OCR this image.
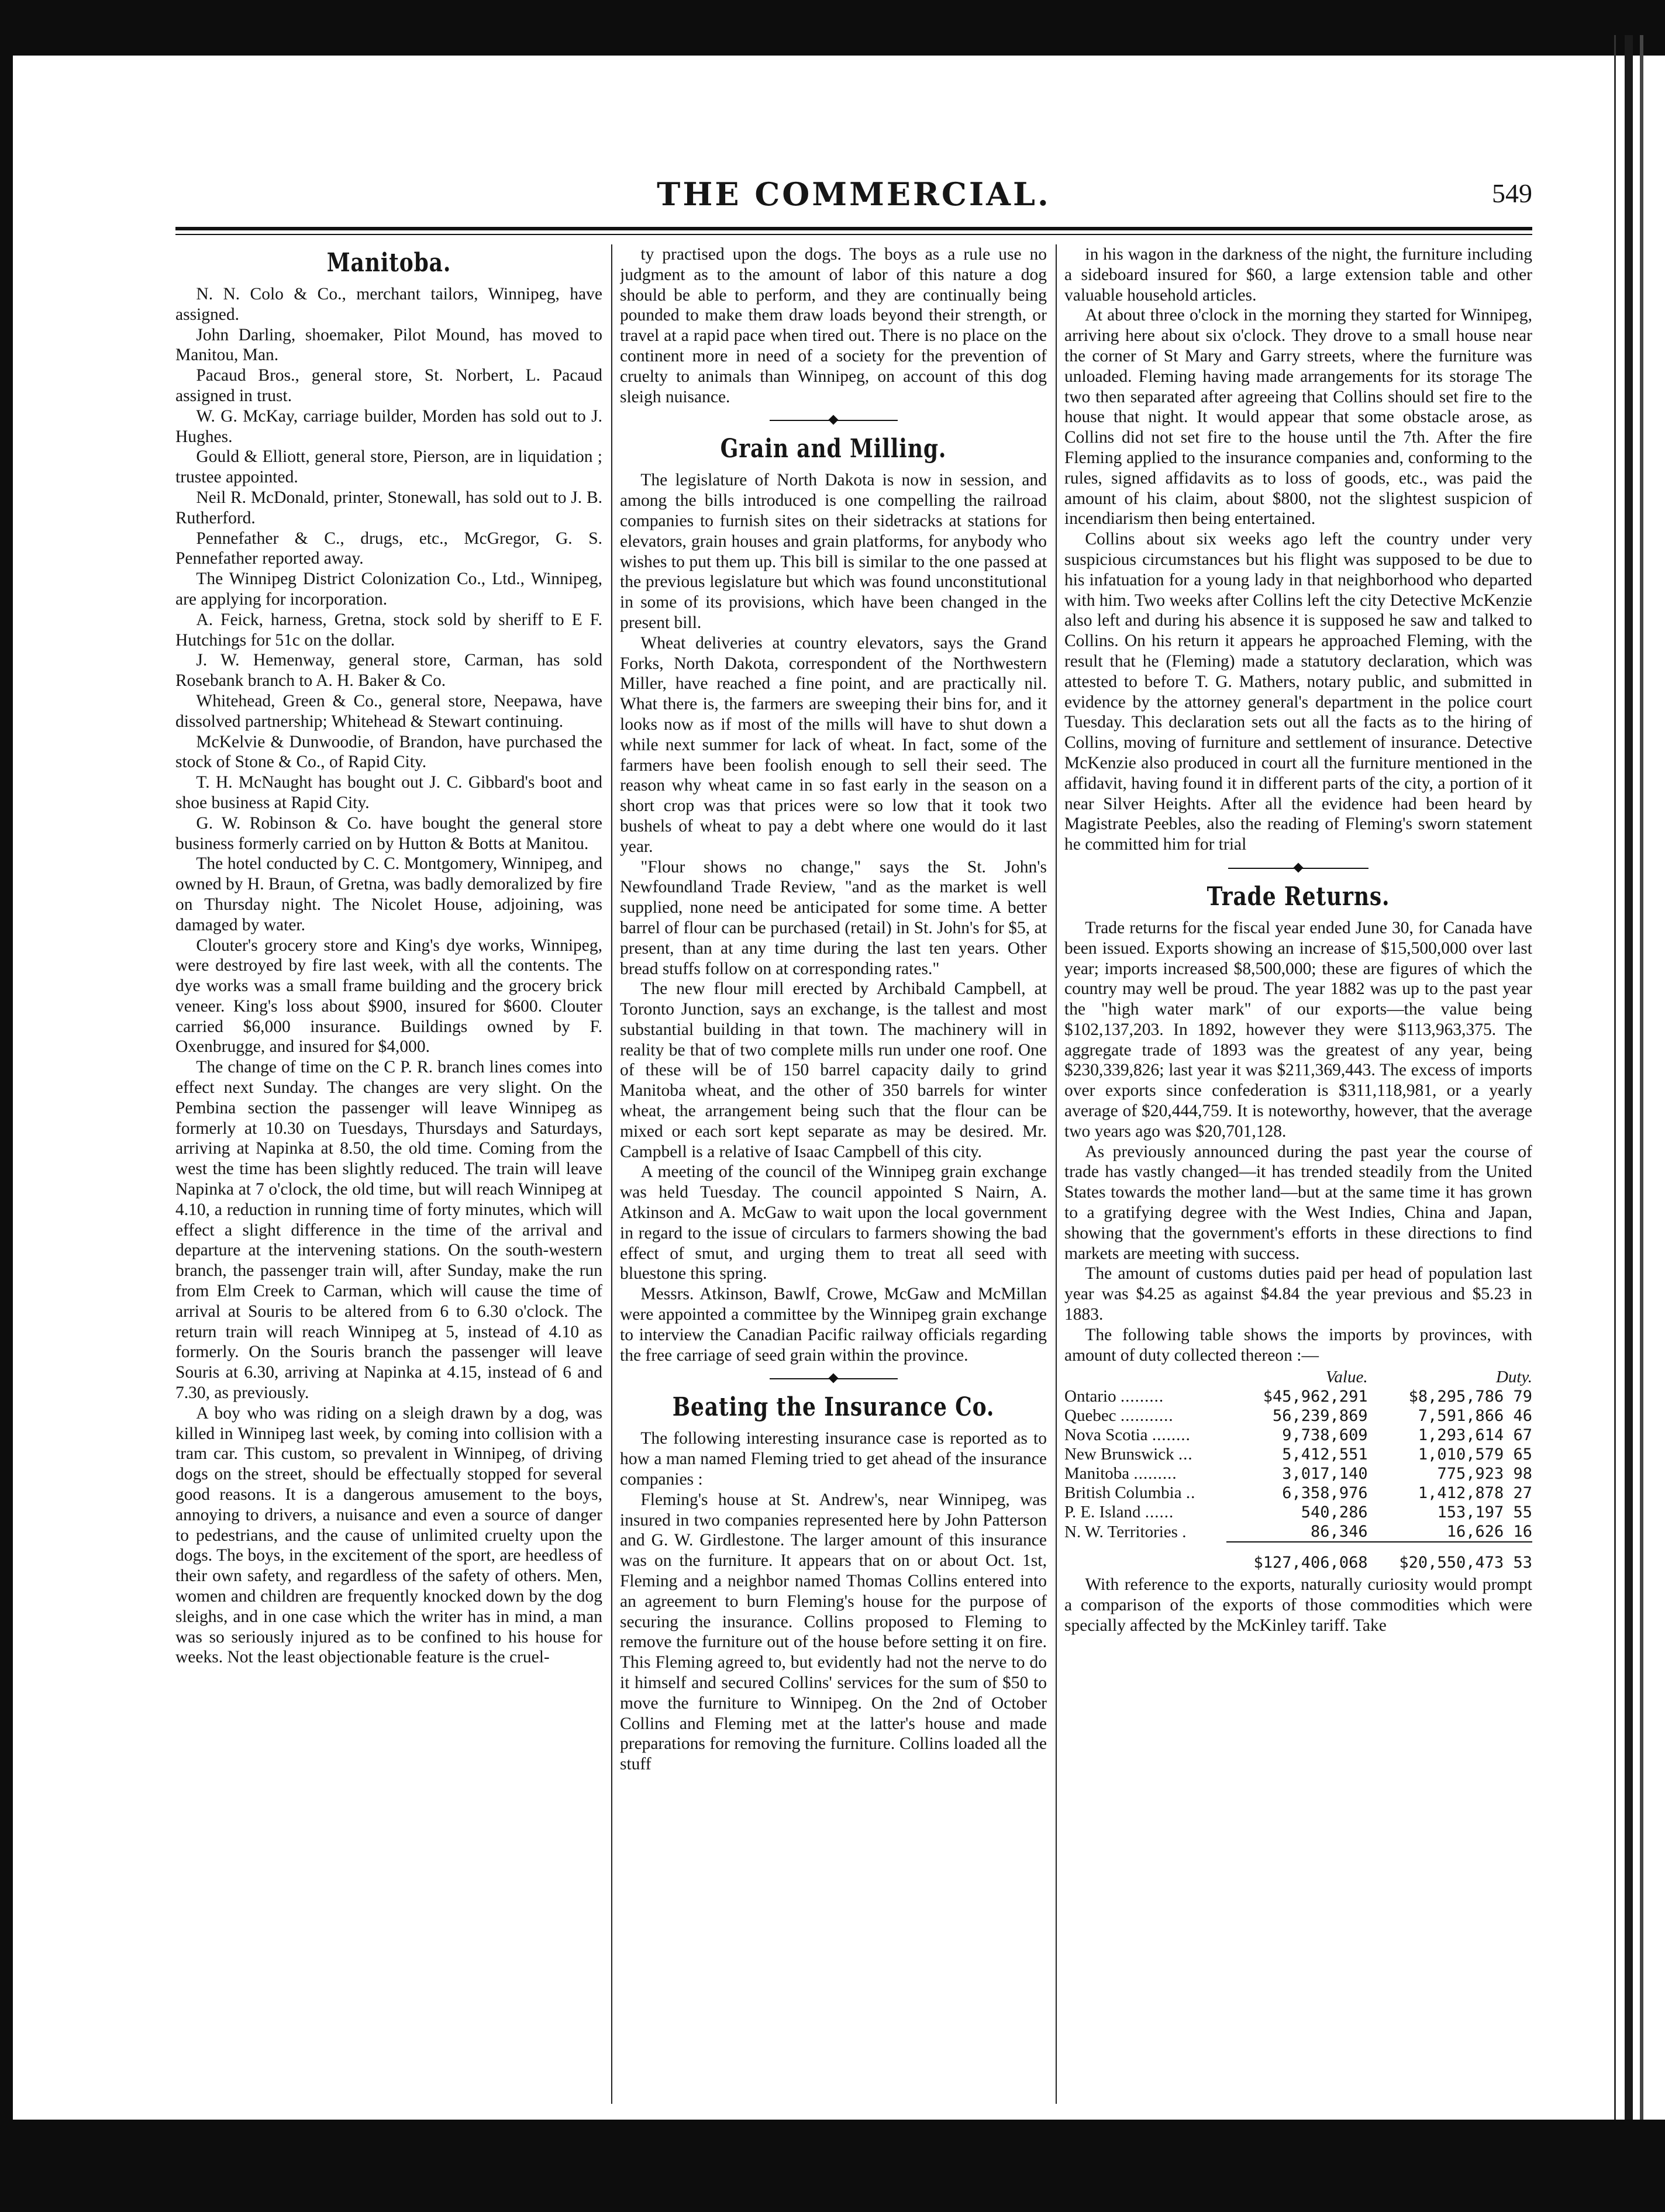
THE COMMERCIAL.	549
Manitoba.

N. N. Colo & Co., merchant tailors, Winnipeg, have assigned.

John Darling, shoemaker, Pilot Mound, has moved to Manitou, Man.

Pacaud Bros., general store, St. Norbert, L. Pacaud assigned in trust.

W. G. McKay, carriage builder, Morden has sold out to J. Hughes.

Gould & Elliott, general store, Pierson, are in liquidation ; trustee appointed.

Neil R. McDonald, printer, Stonewall, has sold out to J. B. Rutherford.

Pennefather & C., drugs, etc., McGregor, G. S. Pennefather reported away.

The Winnipeg District Colonization Co., Ltd., Winnipeg, are applying for incorporation.

A. Feick, harness, Gretna, stock sold by sheriff to E F. Hutchings for 51c on the dollar.

J. W. Hemenway, general store, Carman, has sold Rosebank branch to A. H. Baker & Co.

Whitehead, Green & Co., general store, Neepawa, have dissolved partnership; Whitehead & Stewart continuing.

McKelvie & Dunwoodie, of Brandon, have purchased the stock of Stone & Co., of Rapid City.

T. H. McNaught has bought out J. C. Gibbard's boot and shoe business at Rapid City.

G. W. Robinson & Co. have bought the general store business formerly carried on by Hutton & Botts at Manitou.

The hotel conducted by C. C. Montgomery, Winnipeg, and owned by H. Braun, of Gretna, was badly demoralized by fire on Thursday night. The Nicolet House, adjoining, was damaged by water.

Clouter's grocery store and King's dye works, Winnipeg, were destroyed by fire last week, with all the contents. The dye works was a small frame building and the grocery brick veneer. King's loss about $900, insured for $600. Clouter carried $6,000 insurance. Buildings owned by F. Oxenbrugge, and insured for $4,000.

The change of time on the C P. R. branch lines comes into effect next Sunday. The changes are very slight. On the Pembina section the passenger will leave Winnipeg as formerly at 10.30 on Tuesdays, Thursdays and Saturdays, arriving at Napinka at 8.50, the old time. Coming from the west the time has been slightly reduced. The train will leave Napinka at 7 o'clock, the old time, but will reach Winnipeg at 4.10, a reduction in running time of forty minutes, which will effect a slight difference in the time of the arrival and departure at the intervening stations. On the south-western branch, the passenger train will, after Sunday, make the run from Elm Creek to Carman, which will cause the time of arrival at Souris to be altered from 6 to 6.30 o'clock. The return train will reach Winnipeg at 5, instead of 4.10 as formerly. On the Souris branch the passenger will leave Souris at 6.30, arriving at Napinka at 4.15, instead of 6 and 7.30, as previously.

A boy who was riding on a sleigh drawn by a dog, was killed in Winnipeg last week, by coming into collision with a tram car. This custom, so prevalent in Winnipeg, of driving dogs on the street, should be effectually stopped for several good reasons. It is a dangerous amusement to the boys, annoying to drivers, a nuisance and even a source of danger to pedestrians, and the cause of unlimited cruelty upon the dogs. The boys, in the excitement of the sport, are heedless of their own safety, and regardless of the safety of others. Men, women and children are frequently knocked down by the dog sleighs, and in one case which the writer has in mind, a man was so seriously injured as to be confined to his house for weeks. Not the least objectionable feature is the cruel-

ty practised upon the dogs. The boys as a rule use no judgment as to the amount of labor of this nature a dog should be able to perform, and they are continually being pounded to make them draw loads beyond their strength, or travel at a rapid pace when tired out. There is no place on the continent more in need of a society for the prevention of cruelty to animals than Winnipeg, on account of this dog sleigh nuisance.

Grain and Milling.

The legislature of North Dakota is now in session, and among the bills introduced is one compelling the railroad companies to furnish sites on their sidetracks at stations for elevators, grain houses and grain platforms, for anybody who wishes to put them up. This bill is similar to the one passed at the previous legislature but which was found unconstitutional in some of its provisions, which have been changed in the present bill.

Wheat deliveries at country elevators, says the Grand Forks, North Dakota, correspondent of the Northwestern Miller, have reached a fine point, and are practically nil. What there is, the farmers are sweeping their bins for, and it looks now as if most of the mills will have to shut down a while next summer for lack of wheat. In fact, some of the farmers have been foolish enough to sell their seed. The reason why wheat came in so fast early in the season on a short crop was that prices were so low that it took two bushels of wheat to pay a debt where one would do it last year.

"Flour shows no change," says the St. John's Newfoundland Trade Review, "and as the market is well supplied, none need be anticipated for some time. A better barrel of flour can be purchased (retail) in St. John's for $5, at present, than at any time during the last ten years. Other bread stuffs follow on at corresponding rates."

The new flour mill erected by Archibald Campbell, at Toronto Junction, says an exchange, is the tallest and most substantial building in that town. The machinery will in reality be that of two complete mills run under one roof. One of these will be of 150 barrel capacity daily to grind Manitoba wheat, and the other of 350 barrels for winter wheat, the arrangement being such that the flour can be mixed or each sort kept separate as may be desired. Mr. Campbell is a relative of Isaac Campbell of this city.

A meeting of the council of the Winnipeg grain exchange was held Tuesday. The council appointed S Nairn, A. Atkinson and A. McGaw to wait upon the local government in regard to the issue of circulars to farmers showing the bad effect of smut, and urging them to treat all seed with bluestone this spring.

Messrs. Atkinson, Bawlf, Crowe, McGaw and McMillan were appointed a committee by the Winnipeg grain exchange to interview the Canadian Pacific railway officials regarding the free carriage of seed grain within the province.

Beating the Insurance Co.

The following interesting insurance case is reported as to how a man named Fleming tried to get ahead of the insurance companies :

Fleming's house at St. Andrew's, near Winnipeg, was insured in two companies represented here by John Patterson and G. W. Girdlestone. The larger amount of this insurance was on the furniture. It appears that on or about Oct. 1st, Fleming and a neighbor named Thomas Collins entered into an agreement to burn Fleming's house for the purpose of securing the insurance. Collins proposed to Fleming to remove the furniture out of the house before setting it on fire. This Fleming agreed to, but evidently had not the nerve to do it himself and secured Collins' services for the sum of $50 to move the furniture to Winnipeg. On the 2nd of October Collins and Fleming met at the latter's house and made preparations for removing the furniture. Collins loaded all the stuff

in his wagon in the darkness of the night, the furniture including a sideboard insured for $60, a large extension table and other valuable household articles.

At about three o'clock in the morning they started for Winnipeg, arriving here about six o'clock. They drove to a small house near the corner of St Mary and Garry streets, where the furniture was unloaded. Fleming having made arrangements for its storage The two then separated after agreeing that Collins should set fire to the house that night. It would appear that some obstacle arose, as Collins did not set fire to the house until the 7th. After the fire Fleming applied to the insurance companies and, conforming to the rules, signed affidavits as to loss of goods, etc., was paid the amount of his claim, about $800, not the slightest suspicion of incendiarism then being entertained.

Collins about six weeks ago left the country under very suspicious circumstances but his flight was supposed to be due to his infatuation for a young lady in that neighborhood who departed with him. Two weeks after Collins left the city Detective McKenzie also left and during his absence it is supposed he saw and talked to Collins. On his return it appears he approached Fleming, with the result that he (Fleming) made a statutory declaration, which was attested to before T. G. Mathers, notary public, and submitted in evidence by the attorney general's department in the police court Tuesday. This declaration sets out all the facts as to the hiring of Collins, moving of furniture and settlement of insurance. Detective McKenzie also produced in court all the furniture mentioned in the affidavit, having found it in different parts of the city, a portion of it near Silver Heights. After all the evidence had been heard by Magistrate Peebles, also the reading of Fleming's sworn statement he committed him for trial

Trade Returns.

Trade returns for the fiscal year ended June 30, for Canada have been issued. Exports showing an increase of $15,500,000 over last year; imports increased $8,500,000; these are figures of which the country may well be proud. The year 1882 was up to the past year the "high water mark" of our exports—the value being $102,137,203. In 1892, however they were $113,963,375. The aggregate trade of 1893 was the greatest of any year, being $230,339,826; last year it was $211,369,443. The excess of imports over exports since confederation is $311,118,981, or a yearly average of $20,444,759. It is noteworthy, however, that the average two years ago was $20,701,128.

As previously announced during the past year the course of trade has vastly changed—it has trended steadily from the United States towards the mother land—but at the same time it has grown to a gratifying degree with the West Indies, China and Japan, showing that the government's efforts in these directions to find markets are meeting with success.

The amount of customs duties paid per head of population last year was $4.25 as against $4.84 the year previous and $5.23 in 1883.

The following table shows the imports by provinces, with amount of duty collected thereon :—

	Value.	Duty.
Ontario .........	$45,962,291	$8,295,786 79
Quebec ...........	56,239,869	7,591,866 46
Nova Scotia ........	9,738,609	1,293,614 67
New Brunswick ...	5,412,551	1,010,579 65
Manitoba .........	3,017,140	775,923 98
British Columbia ..	6,358,976	1,412,878 27
P. E. Island ......	540,286	153,197 55
N. W. Territories .	86,346	16,626 16
	$127,406,068	$20,550,473 53

With reference to the exports, naturally curiosity would prompt a comparison of the exports of those commodities which were specially affected by the McKinley tariff. Take
